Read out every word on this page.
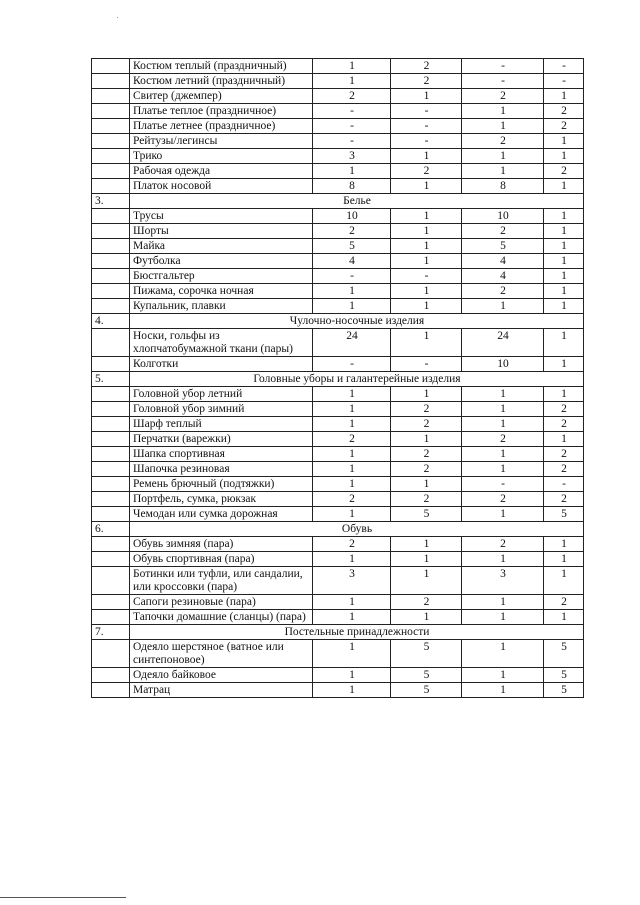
	Костюм теплый (праздничный)	1	2	-	-
	Костюм летний (праздничный)	1	2	-	-
	Свитер (джемпер)	2	1	2	1
	Платье теплое (праздничное)	-	-	1	2
	Платье летнее (праздничное)	-	-	1	2
	Рейтузы/легинсы	-	-	2	1
	Трико	3	1	1	1
	Рабочая одежда	1	2	1	2
	Платок носовой	8	1	8	1
3.	Белье				
	Трусы	10	1	10	1
	Шорты	2	1	2	1
	Майка	5	1	5	1
	Футболка	4	1	4	1
	Бюстгальтер	-	-	4	1
	Пижама, сорочка ночная	1	1	2	1
	Купальник, плавки	1	1	1	1
4.	Чулочно-носочные изделия				
	Носки, гольфы из хлопчатобумажной ткани (пары)	24	1	24	1
	Колготки	-	-	10	1
5.	Головные уборы и галантерейные изделия				
	Головной убор летний	1	1	1	1
	Головной убор зимний	1	2	1	2
	Шарф теплый	1	2	1	2
	Перчатки (варежки)	2	1	2	1
	Шапка спортивная	1	2	1	2
	Шапочка резиновая	1	2	1	2
	Ремень брючный (подтяжки)	1	1	-	-
	Портфель, сумка, рюкзак	2	2	2	2
	Чемодан или сумка дорожная	1	5	1	5
6.	Обувь				
	Обувь зимняя (пара)	2	1	2	1
	Обувь спортивная (пара)	1	1	1	1
	Ботинки или туфли, или сандалии, или кроссовки (пара)	3	1	3	1
	Сапоги резиновые (пара)	1	2	1	2
	Тапочки домашние (сланцы) (пара)	1	1	1	1
7.	Постельные принадлежности				
	Одеяло шерстяное (ватное или синтепоновое)	1	5	1	5
	Одеяло байковое	1	5	1	5
	Матрац	1	5	1	5
